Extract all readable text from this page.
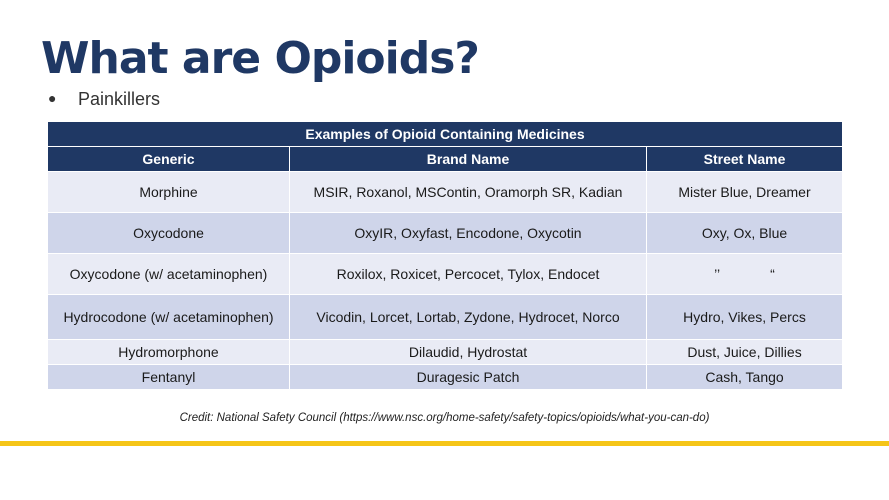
What are Opioids?
● Painkillers
Examples of Opioid Containing Medicines		
Generic	Brand Name	Street Name
Morphine	MSIR, Roxanol, MSContin, Oramorph SR, Kadian	Mister Blue, Dreamer
Oxycodone	OxyIR, Oxyfast, Encodone, Oxycotin	Oxy, Ox, Blue
Oxycodone (w/ acetaminophen)	Roxilox, Roxicet, Percocet, Tylox, Endocet	’’             “
Hydrocodone (w/ acetaminophen)	Vicodin, Lorcet, Lortab, Zydone, Hydrocet, Norco	Hydro, Vikes, Percs
Hydromorphone	Dilaudid, Hydrostat	Dust, Juice, Dillies
Fentanyl	Duragesic Patch	Cash, Tango
Credit: National Safety Council (https://www.nsc.org/home-safety/safety-topics/opioids/what-you-can-do)
